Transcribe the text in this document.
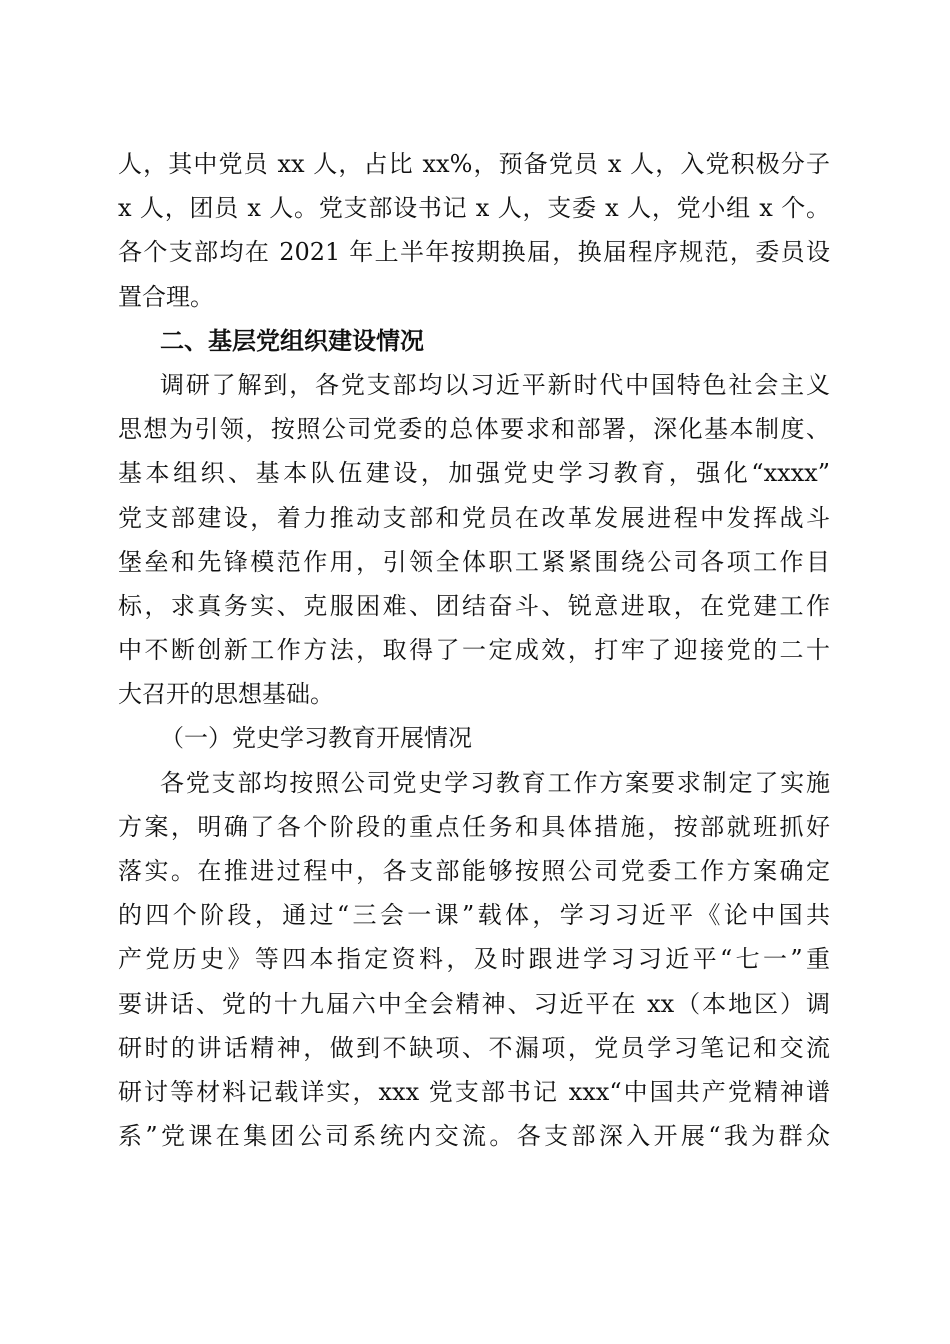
人，其中党员 xx 人，占比 xx%，预备党员 x 人，入党积极分子
x 人，团员 x 人。党支部设书记 x 人，支委 x 人，党小组 x 个。
各个支部均在 2021 年上半年按期换届，换届程序规范，委员设
置合理。
二、基层党组织建设情况
调研了解到，各党支部均以习近平新时代中国特色社会主义
思想为引领，按照公司党委的总体要求和部署，深化基本制度、
基本组织、基本队伍建设，加强党史学习教育，强化“xxxx”
党支部建设，着力推动支部和党员在改革发展进程中发挥战斗
堡垒和先锋模范作用，引领全体职工紧紧围绕公司各项工作目
标，求真务实、克服困难、团结奋斗、锐意进取，在党建工作
中不断创新工作方法，取得了一定成效，打牢了迎接党的二十
大召开的思想基础。
（一）党史学习教育开展情况
各党支部均按照公司党史学习教育工作方案要求制定了实施
方案，明确了各个阶段的重点任务和具体措施，按部就班抓好
落实。在推进过程中，各支部能够按照公司党委工作方案确定
的四个阶段，通过“三会一课”载体，学习习近平《论中国共
产党历史》等四本指定资料，及时跟进学习习近平“七一”重
要讲话、党的十九届六中全会精神、习近平在 xx（本地区）调
研时的讲话精神，做到不缺项、不漏项，党员学习笔记和交流
研讨等材料记载详实，xxx 党支部书记 xxx“中国共产党精神谱
系”党课在集团公司系统内交流。各支部深入开展“我为群众
